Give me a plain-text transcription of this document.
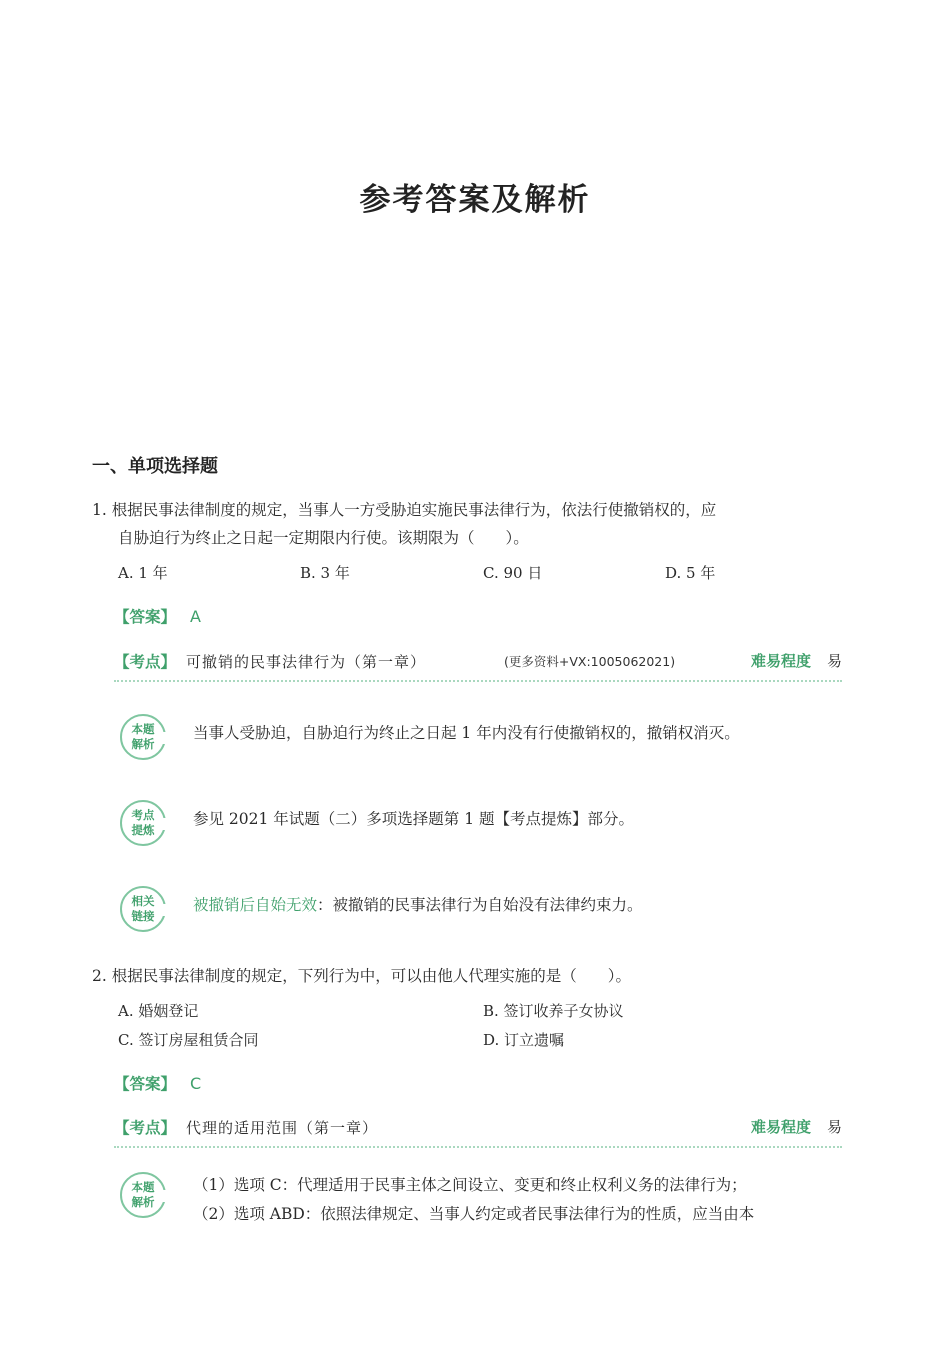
参考答案及解析
一、单项选择题
1. 根据民事法律制度的规定，当事人一方受胁迫实施民事法律行为，依法行使撤销权的，应
自胁迫行为终止之日起一定期限内行使。该期限为（　　）。
A. 1 年	B. 3 年	C. 90 日	D. 5 年
【答案】 A
【考点】 可撤销的民事法律行为（第一章）	(更多资料+VX:1005062021)	难易程度 易
本题
解析
当事人受胁迫，自胁迫行为终止之日起 1 年内没有行使撤销权的，撤销权消灭。
考点
提炼
参见 2021 年试题（二）多项选择题第 1 题【考点提炼】部分。
相关
链接
被撤销后自始无效：被撤销的民事法律行为自始没有法律约束力。
2. 根据民事法律制度的规定，下列行为中，可以由他人代理实施的是（　　）。
A. 婚姻登记	B. 签订收养子女协议
C. 签订房屋租赁合同	D. 订立遗嘱
【答案】 C
【考点】 代理的适用范围（第一章）	难易程度 易
本题
解析
（1）选项 C：代理适用于民事主体之间设立、变更和终止权利义务的法律行为；
（2）选项 ABD：依照法律规定、当事人约定或者民事法律行为的性质，应当由本
